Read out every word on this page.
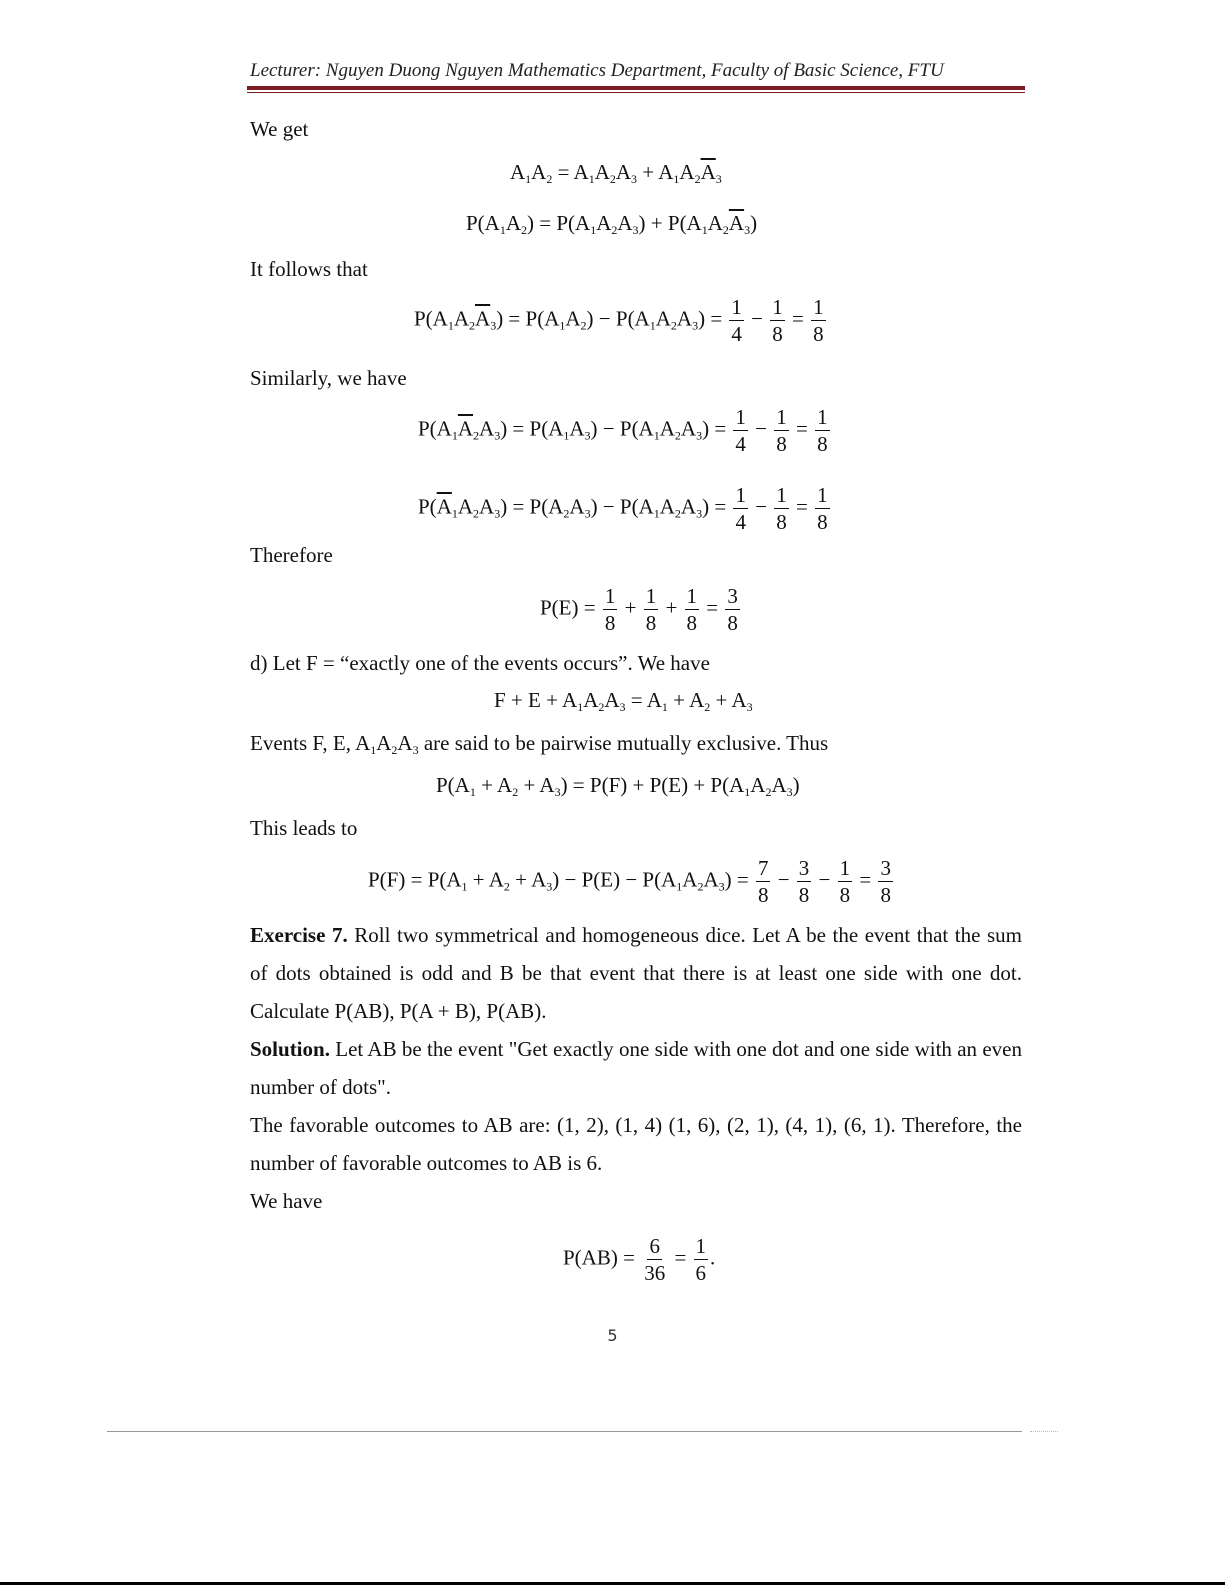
Lecturer: Nguyen Duong Nguyen Mathematics Department, Faculty of Basic Science, FTU
We get
$A_1A_2 = A_1A_2A_3 + A_1A_2\overline{A}_3$
$P(A_1A_2) = P(A_1A_2A_3) + P(A_1A_2\overline{A}_3)$
It follows that
$P(A_1A_2\overline{A}_3) = P(A_1A_2) - P(A_1A_2A_3) = \frac{1}{4} - \frac{1}{8} = \frac{1}{8}$
Similarly, we have
$P(A_1\overline{A}_2A_3) = P(A_1A_3) - P(A_1A_2A_3) = \frac{1}{4} - \frac{1}{8} = \frac{1}{8}$
$P(\overline{A}_1A_2A_3) = P(A_2A_3) - P(A_1A_2A_3) = \frac{1}{4} - \frac{1}{8} = \frac{1}{8}$
Therefore
$P(E) = \frac{1}{8} + \frac{1}{8} + \frac{1}{8} = \frac{3}{8}$
d) Let F = “exactly one of the events occurs”. We have
$F + E + A_1A_2A_3 = A_1 + A_2 + A_3$
Events F, E, $A_1A_2A_3$ are said to be pairwise mutually exclusive. Thus
$P(A_1 + A_2 + A_3) = P(F) + P(E) + P(A_1A_2A_3)$
This leads to
$P(F) = P(A_1 + A_2 + A_3) - P(E) - P(A_1A_2A_3) = \frac{7}{8} - \frac{3}{8} - \frac{1}{8} = \frac{3}{8}$
Exercise 7. Roll two symmetrical and homogeneous dice. Let A be the event that the sum of dots obtained is odd and B be that event that there is at least one side with one dot. Calculate P(AB), P(A + B), P(AB).
Solution. Let AB be the event "Get exactly one side with one dot and one side with an even number of dots".
The favorable outcomes to AB are: (1, 2), (1, 4) (1, 6), (2, 1), (4, 1), (6, 1). Therefore, the number of favorable outcomes to AB is 6.
We have
$P(AB) = \frac{6}{36} = \frac{1}{6}$ .
5
